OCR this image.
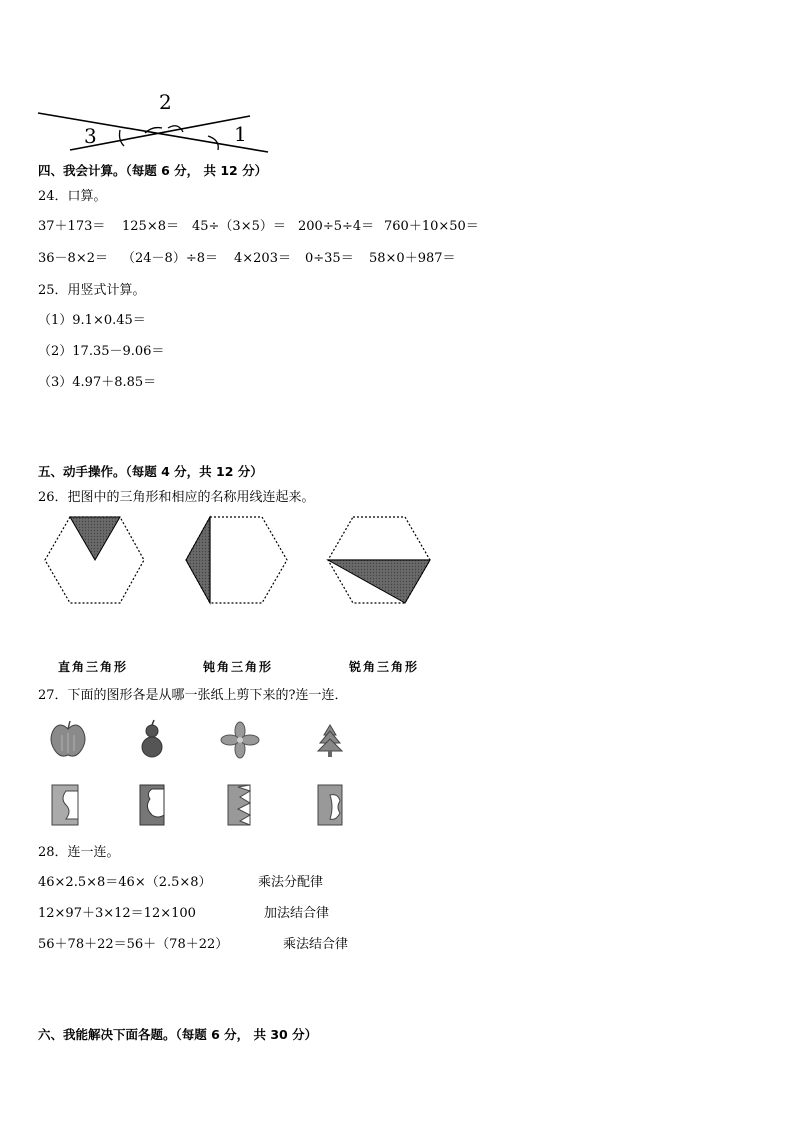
2
3	1
四、我会计算。（每题 6 分， 共 12 分）
24．口算。
37＋173＝ 125×8＝ 45÷（3×5）＝ 200÷5÷4＝ 760＋10×50＝
36－8×2＝ （24－8）÷8＝ 4×203＝ 0÷35＝ 58×0＋987＝
25．用竖式计算。
（1）9.1×0.45＝
（2）17.35－9.06＝
（3）4.97＋8.85＝
五、动手操作。（每题 4 分，共 12 分）
26．把图中的三角形和相应的名称用线连起来。
直角三角形	钝角三角形	锐角三角形
27．下面的图形各是从哪一张纸上剪下来的?连一连．
28．连一连。
46×2.5×8＝46×（2.5×8）
12×97＋3×12＝12×100
56＋78＋22＝56＋（78＋22）
乘法分配律
加法结合律
乘法结合律
六、我能解决下面各题。（每题 6 分， 共 30 分）
